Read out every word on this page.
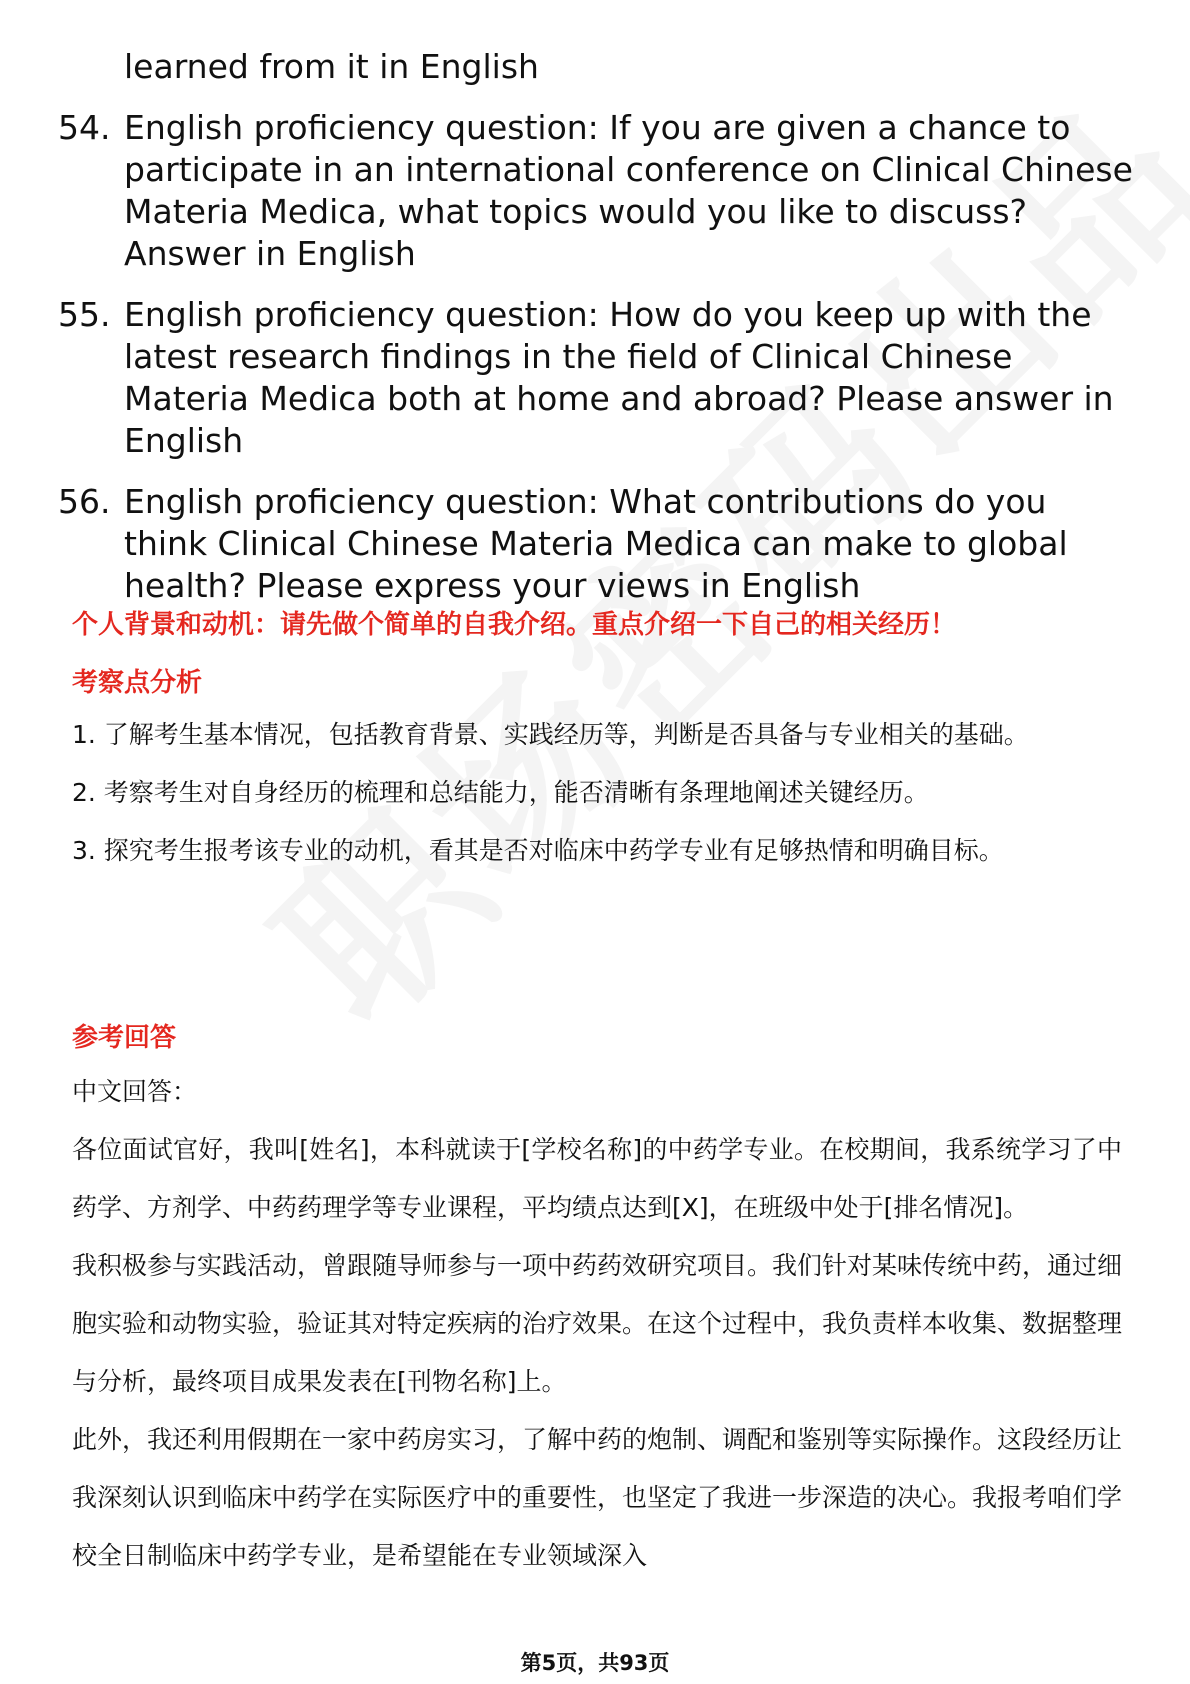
learned from it in English
54. English proficiency question: If you are given a chance to participate in an international conference on Clinical Chinese Materia Medica, what topics would you like to discuss? Answer in English
55. English proficiency question: How do you keep up with the latest research findings in the field of Clinical Chinese Materia Medica both at home and abroad? Please answer in English
56. English proficiency question: What contributions do you think Clinical Chinese Materia Medica can make to global health? Please express your views in English
个人背景和动机：请先做个简单的自我介绍。重点介绍一下自己的相关经历！
考察点分析
1. 了解考生基本情况，包括教育背景、实践经历等，判断是否具备与专业相关的基础。
2. 考察考生对自身经历的梳理和总结能力，能否清晰有条理地阐述关键经历。
3. 探究考生报考该专业的动机，看其是否对临床中药学专业有足够热情和明确目标。
参考回答
中文回答：
各位面试官好，我叫[姓名]，本科就读于[学校名称]的中药学专业。在校期间，我系统学习了中药学、方剂学、中药药理学等专业课程，平均绩点达到[X]，在班级中处于[排名情况]。
我积极参与实践活动，曾跟随导师参与一项中药药效研究项目。我们针对某味传统中药，通过细胞实验和动物实验，验证其对特定疾病的治疗效果。在这个过程中，我负责样本收集、数据整理与分析，最终项目成果发表在[刊物名称]上。
此外，我还利用假期在一家中药房实习，了解中药的炮制、调配和鉴别等实际操作。这段经历让我深刻认识到临床中药学在实际医疗中的重要性，也坚定了我进一步深造的决心。我报考咱们学校全日制临床中药学专业，是希望能在专业领域深入
第5页，共93页
